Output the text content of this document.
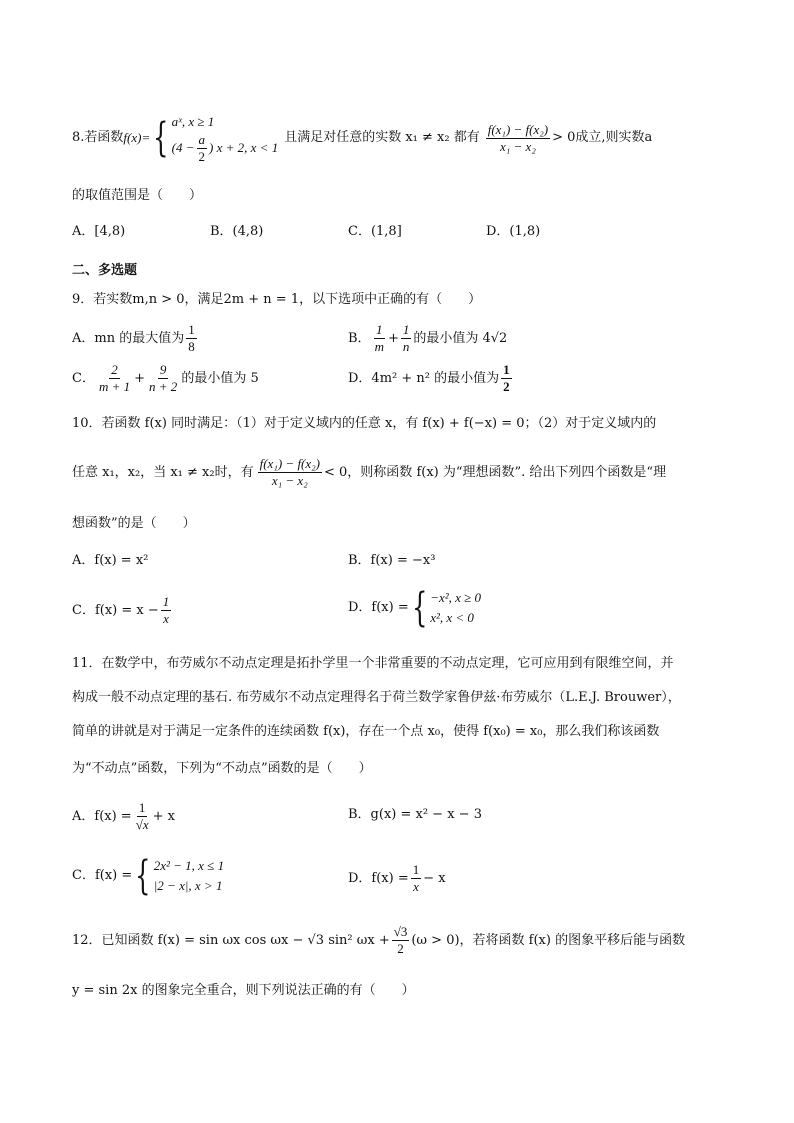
8.若函数 f(x)= { aˣ, x ≥ 1
($4 - \frac{a}{2}$ ) x + 2, x < 1
且满足对任意的实数 x₁ ≠ x₂ 都有 $\frac{\text{f(x₁) − f(x₂)}}{\text{x₁ − x₂}} > 0$成立,则实数a
的取值范围是（　　）
A．[4,8)	B．(4,8)	C．(1,8]	D．(1,8)
二、多选题
9．若实数m,n > 0，满足2m + n = 1，以下选项中正确的有（　　）
A．mn 的最大值为 $\frac{1}{8}$	B． $\frac{1}{m} + \frac{1}{n}$ 的最小值为 4√2
C． $\frac{2}{m + 1} + \frac{9}{n + 2}$ 的最小值为 5	D．4m² + n² 的最小值为 $\frac{1}{2}$
10．若函数 f(x) 同时满足：（1）对于定义域内的任意 x，有 f(x) + f(−x) = 0；（2）对于定义域内的
任意 x₁，x₂，当 x₁ ≠ x₂时，有 $\frac{\text{f(x₁) − f(x₂)}}{\text{x₁ − x₂}} < 0$，则称函数 f(x) 为“理想函数”. 给出下列四个函数是“理
想函数”的是（　　）
A．f(x) = x²	B．f(x) = −x³
C．$f(x) = x - \frac{1}{x}$	D．f(x) = { −x², x ≥ 0
x², x < 0
11．在数学中，布劳威尔不动点定理是拓扑学里一个非常重要的不动点定理，它可应用到有限维空间，并
构成一般不动点定理的基石. 布劳威尔不动点定理得名于荷兰数学家鲁伊兹·布劳威尔（L.E.J. Brouwer），
简单的讲就是对于满足一定条件的连续函数 f(x)，存在一个点 x₀，使得 f(x₀) = x₀，那么我们称该函数
为“不动点”函数，下列为“不动点”函数的是（　　）
A．$f(x) = \frac{1}{√x} + x$	B．g(x) = x² − x − 3
C．f(x) = { 2x² − 1, x ≤ 1
|2 − x|, x > 1	D．$f(x) = \frac{1}{x} - x$
12．已知函数 f(x) = sin ωx cos ωx − √3 sin² $\omega x + \frac{√3}{2} (\omega > 0)$，若将函数 f(x) 的图象平移后能与函数
y = sin 2x 的图象完全重合，则下列说法正确的有（　　）
